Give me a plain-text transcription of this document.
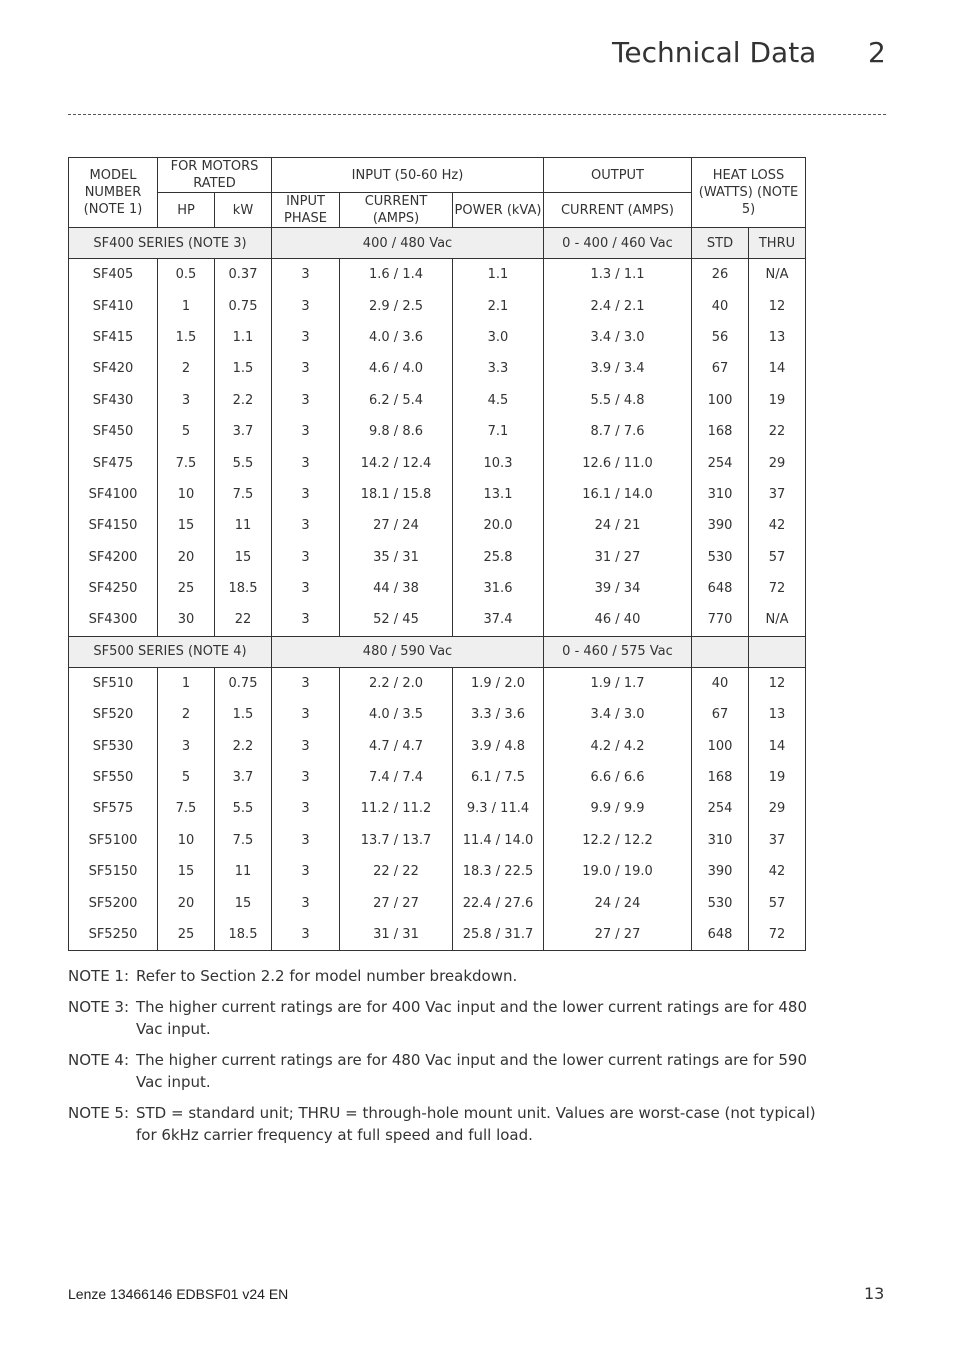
Technical Data 2
MODEL NUMBER (NOTE 1)	FOR MOTORS RATED		INPUT (50-60 Hz)			OUTPUT	HEAT LOSS (WATTS) (NOTE 5)	
	HP	kW	INPUT PHASE	CURRENT (AMPS)	POWER (kVA)	CURRENT (AMPS)		
SF400 SERIES (NOTE 3)			400 / 480 Vac			0 - 400 / 460 Vac	STD	THRU
SF405	0.5	0.37	3	1.6 / 1.4	1.1	1.3 / 1.1	26	N/A
SF410	1	0.75	3	2.9 / 2.5	2.1	2.4 / 2.1	40	12
SF415	1.5	1.1	3	4.0 / 3.6	3.0	3.4 / 3.0	56	13
SF420	2	1.5	3	4.6 / 4.0	3.3	3.9 / 3.4	67	14
SF430	3	2.2	3	6.2 / 5.4	4.5	5.5 / 4.8	100	19
SF450	5	3.7	3	9.8 / 8.6	7.1	8.7 / 7.6	168	22
SF475	7.5	5.5	3	14.2 / 12.4	10.3	12.6 / 11.0	254	29
SF4100	10	7.5	3	18.1 / 15.8	13.1	16.1 / 14.0	310	37
SF4150	15	11	3	27 / 24	20.0	24 / 21	390	42
SF4200	20	15	3	35 / 31	25.8	31 / 27	530	57
SF4250	25	18.5	3	44 / 38	31.6	39 / 34	648	72
SF4300	30	22	3	52 / 45	37.4	46 / 40	770	N/A
SF500 SERIES (NOTE 4)			480 / 590 Vac			0 - 460 / 575 Vac		
SF510	1	0.75	3	2.2 / 2.0	1.9 / 2.0	1.9 / 1.7	40	12
SF520	2	1.5	3	4.0 / 3.5	3.3 / 3.6	3.4 / 3.0	67	13
SF530	3	2.2	3	4.7 / 4.7	3.9 / 4.8	4.2 / 4.2	100	14
SF550	5	3.7	3	7.4 / 7.4	6.1 / 7.5	6.6 / 6.6	168	19
SF575	7.5	5.5	3	11.2 / 11.2	9.3 / 11.4	9.9 / 9.9	254	29
SF5100	10	7.5	3	13.7 / 13.7	11.4 / 14.0	12.2 / 12.2	310	37
SF5150	15	11	3	22 / 22	18.3 / 22.5	19.0 / 19.0	390	42
SF5200	20	15	3	27 / 27	22.4 / 27.6	24 / 24	530	57
SF5250	25	18.5	3	31 / 31	25.8 / 31.7	27 / 27	648	72
NOTE 1: Refer to Section 2.2 for model number breakdown.
NOTE 3: The higher current ratings are for 400 Vac input and the lower current ratings are for 480 Vac input.
NOTE 4: The higher current ratings are for 480 Vac input and the lower current ratings are for 590 Vac input.
NOTE 5: STD = standard unit; THRU = through-hole mount unit. Values are worst-case (not typical) for 6kHz carrier frequency at full speed and full load.
Lenze 13466146 EDBSF01 v24 EN	13
